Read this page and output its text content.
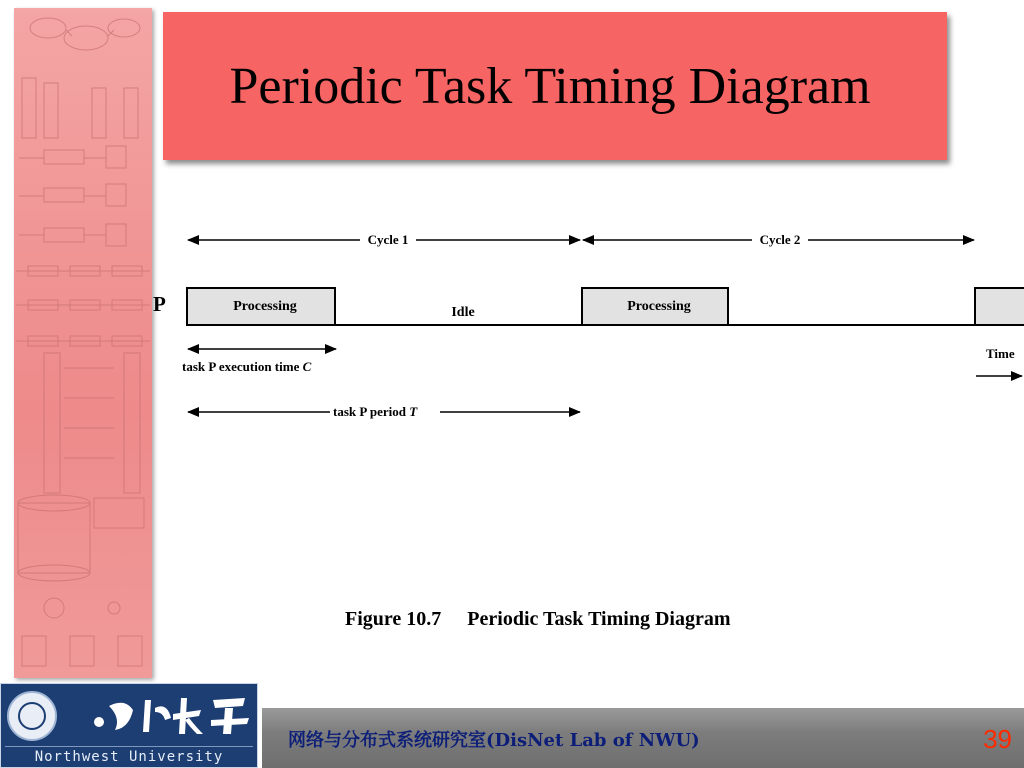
Periodic Task Timing Diagram
Cycle 1	Cycle 2
P	Processing	Idle	Processing
task P execution time C
Time
task P period T
Figure 10.7 Periodic Task Timing Diagram
Northwest University
网络与分布式系统研究室(DisNet Lab of NWU)	39
